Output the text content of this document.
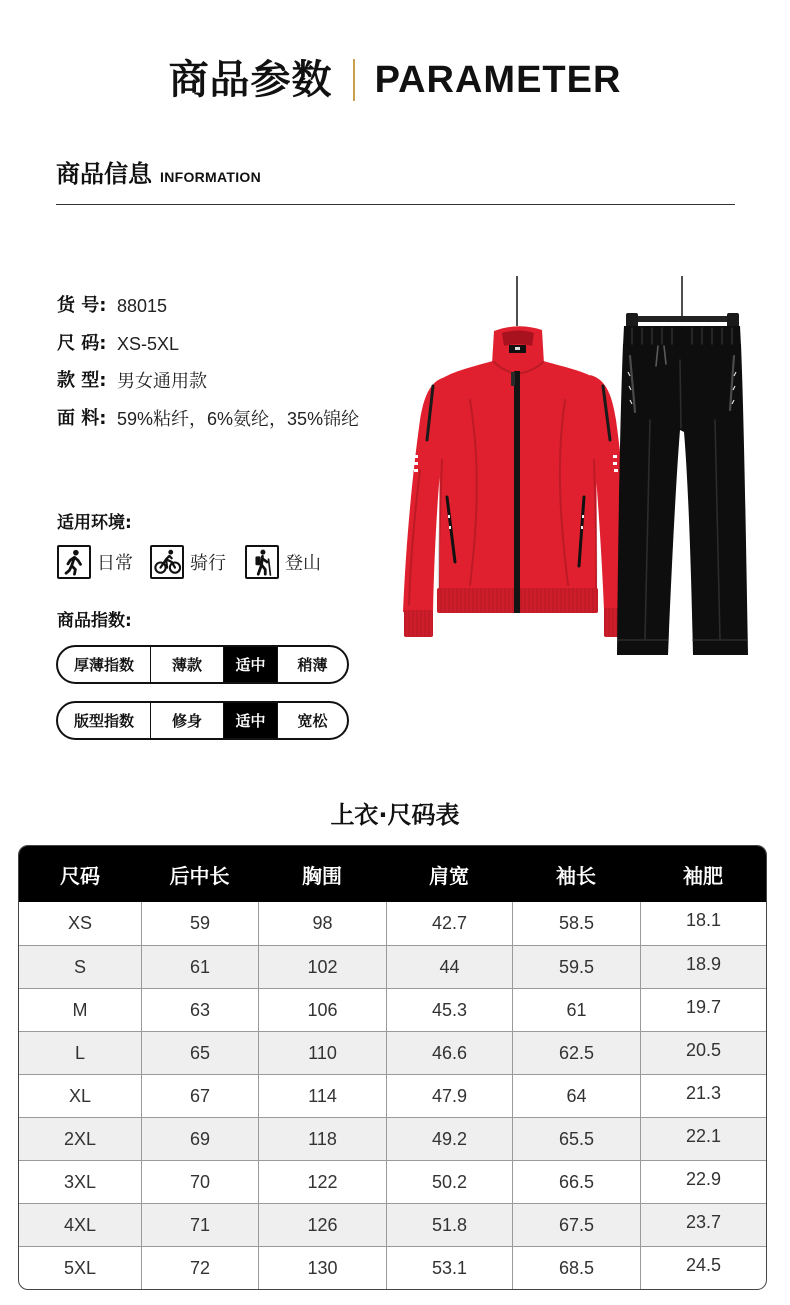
商品参数 PARAMETER
商品信息 INFORMATION
货 号: 88015
尺 码: XS-5XL
款 型: 男女通用款
面 料: 59%粘纤，6%氨纶，35%锦纶
适用环境:
日常	骑行	登山
商品指数:
厚薄指数	薄款	适中	稍薄
版型指数	修身	适中	宽松
上衣·尺码表
尺码	后中长	胸围	肩宽	袖长	袖肥
XS	59	98	42.7	58.5	18.1
S	61	102	44	59.5	18.9
M	63	106	45.3	61	19.7
L	65	110	46.6	62.5	20.5
XL	67	114	47.9	64	21.3
2XL	69	118	49.2	65.5	22.1
3XL	70	122	50.2	66.5	22.9
4XL	71	126	51.8	67.5	23.7
5XL	72	130	53.1	68.5	24.5
